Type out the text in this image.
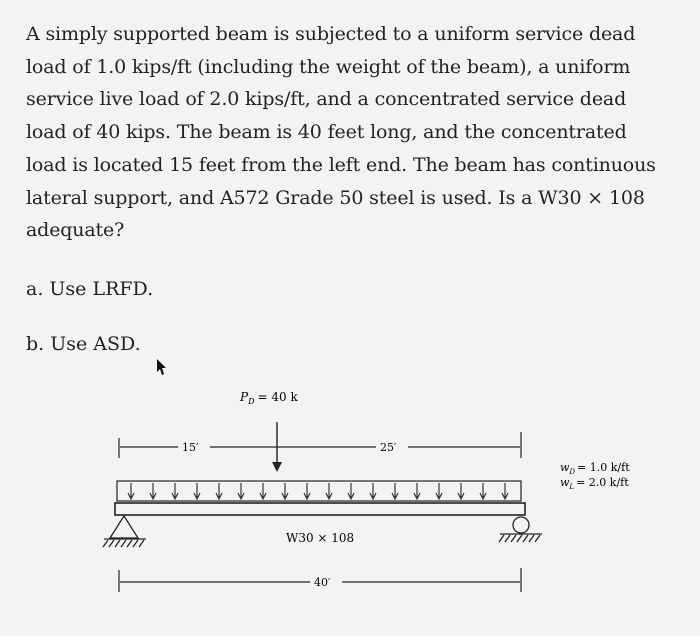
A simply supported beam is subjected to a uniform service dead
load of 1.0 kips/ft (including the weight of the beam), a uniform
service live load of 2.0 kips/ft, and a concentrated service dead
load of 40 kips. The beam is 40 feet long, and the concentrated
load is located 15 feet from the left end. The beam has continuous
lateral support, and A572 Grade 50 steel is used. Is a W30 × 108
adequate?
a. Use LRFD.
b. Use ASD.
$P_D = 40$ k
15′	25′
W30 × 108
40′
$w_D = 1.0$ k/ft
$w_L = 2.0$ k/ft
